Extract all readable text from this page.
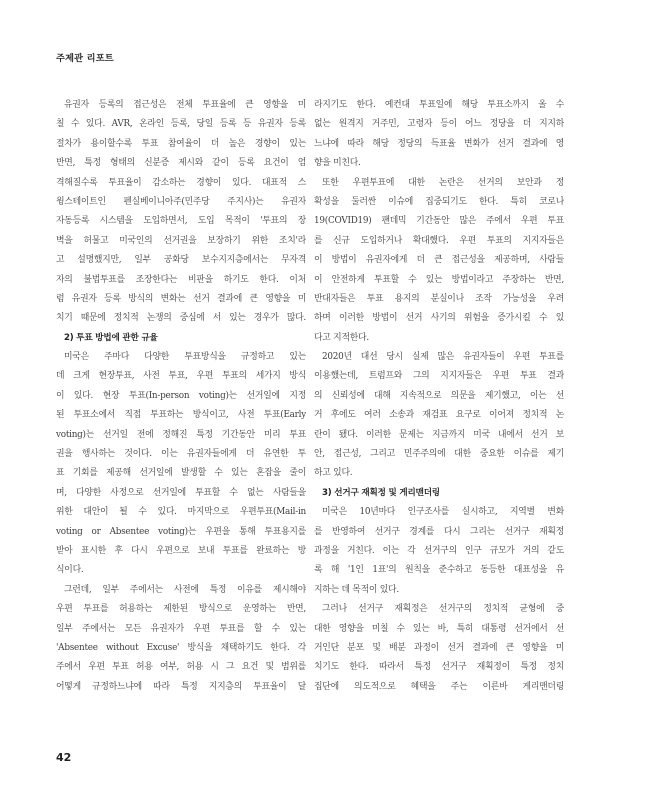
주제관 리포트
유권자 등록의 접근성은 전체 투표율에 큰 영향을 미
칠 수 있다. AVR, 온라인 등록, 당일 등록 등 유권자 등록
절차가 용이할수록 투표 참여율이 더 높은 경향이 있는
반면, 특정 형태의 신분증 제시와 같이 등록 요건이 엄
격해질수록 투표율이 감소하는 경향이 있다. 대표적 스
윙스테이트인 펜실베이니아주(민주당 주지사)는 유권자
자동등록 시스템을 도입하면서, 도입 목적이 '투표의 장
벽을 허물고 미국인의 선거권을 보장하기 위한 조치'라
고 설명했지만, 일부 공화당 보수지지층에서는 무자격
자의 불법투표를 조장한다는 비판을 하기도 한다. 이처
럼 유권자 등록 방식의 변화는 선거 결과에 큰 영향을 미
치기 때문에 정치적 논쟁의 중심에 서 있는 경우가 많다.
2) 투표 방법에 관한 규율
미국은 주마다 다양한 투표방식을 규정하고 있는
데 크게 현장투표, 사전 투표, 우편 투표의 세가지 방식
이 있다. 현장 투표(In-person voting)는 선거일에 지정
된 투표소에서 직접 투표하는 방식이고, 사전 투표(Early
voting)는 선거일 전에 정해진 특정 기간동안 미리 투표
권을 행사하는 것이다. 이는 유권자들에게 더 유연한 투
표 기회를 제공해 선거일에 발생할 수 있는 혼잡을 줄이
며, 다양한 사정으로 선거일에 투표할 수 없는 사람들을
위한 대안이 될 수 있다. 마지막으로 우편투표(Mail-in
voting or Absentee voting)는 우편을 통해 투표용지를
받아 표시한 후 다시 우편으로 보내 투표를 완료하는 방
식이다.
그런데, 일부 주에서는 사전에 특정 이유를 제시해야
우편 투표를 허용하는 제한된 방식으로 운영하는 반면,
일부 주에서는 모든 유권자가 우편 투표를 할 수 있는
'Absentee without Excuse' 방식을 채택하기도 한다. 각
주에서 우편 투표 허용 여부, 허용 시 그 요건 및 범위를
어떻게 규정하느냐에 따라 특정 지지층의 투표율이 달
라지기도 한다. 예컨대 투표일에 해당 투표소까지 올 수
없는 원격지 거주민, 고령자 등이 어느 정당을 더 지지하
느냐에 따라 해당 정당의 득표율 변화가 선거 결과에 영
향을 미친다.
또한 우편투표에 대한 논란은 선거의 보안과 정
확성을 둘러싼 이슈에 집중되기도 한다. 특히 코로나
19(COVID19) 팬데믹 기간동안 많은 주에서 우편 투표
를 신규 도입하거나 확대했다. 우편 투표의 지지자들은
이 방법이 유권자에게 더 큰 접근성을 제공하며, 사람들
이 안전하게 투표할 수 있는 방법이라고 주장하는 반면,
반대자들은 투표 용지의 분실이나 조작 가능성을 우려
하며 이러한 방법이 선거 사기의 위험을 증가시킬 수 있
다고 지적한다.
2020년 대선 당시 실제 많은 유권자들이 우편 투표를
이용했는데, 트럼프와 그의 지지자들은 우편 투표 결과
의 신뢰성에 대해 지속적으로 의문을 제기했고, 이는 선
거 후에도 여러 소송과 재검표 요구로 이어져 정치적 논
란이 됐다. 이러한 문제는 지금까지 미국 내에서 선거 보
안, 접근성, 그리고 민주주의에 대한 중요한 이슈를 제기
하고 있다.
3) 선거구 재획정 및 게리맨더링
미국은 10년마다 인구조사를 실시하고, 지역별 변화
를 반영하여 선거구 경계를 다시 그리는 선거구 재획정
과정을 거친다. 이는 각 선거구의 인구 규모가 거의 같도
록 해 '1인 1표'의 원칙을 준수하고 동등한 대표성을 유
지하는 데 목적이 있다.
그러나 선거구 재획정은 선거구의 정치적 균형에 중
대한 영향을 미칠 수 있는 바, 특히 대통령 선거에서 선
거인단 분포 및 배분 과정이 선거 결과에 큰 영향을 미
치기도 한다. 따라서 특정 선거구 재획정이 특정 정치
집단에 의도적으로 혜택을 주는 이른바 게리맨더링
42
